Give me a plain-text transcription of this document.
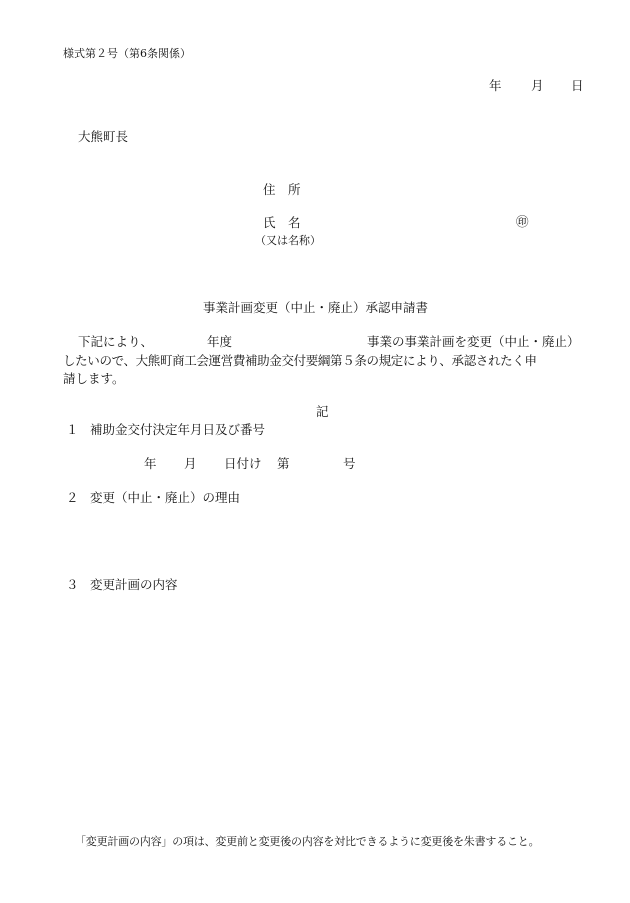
様式第２号（第6条関係）
年 月 日
大熊町長
住　所
氏　名	㊞
（又は名称）
事業計画変更（中止・廃止）承認申請書
下記により、	年度	事業の事業計画を変更（中止・廃止）
したいので、大熊町商工会運営費補助金交付要綱第５条の規定により、承認されたく申
請します。
記
１ 補助金交付決定年月日及び番号
年 月 日付け 第	号
２ 変更（中止・廃止）の理由
３ 変更計画の内容
「変更計画の内容」の項は、変更前と変更後の内容を対比できるように変更後を朱書すること。
